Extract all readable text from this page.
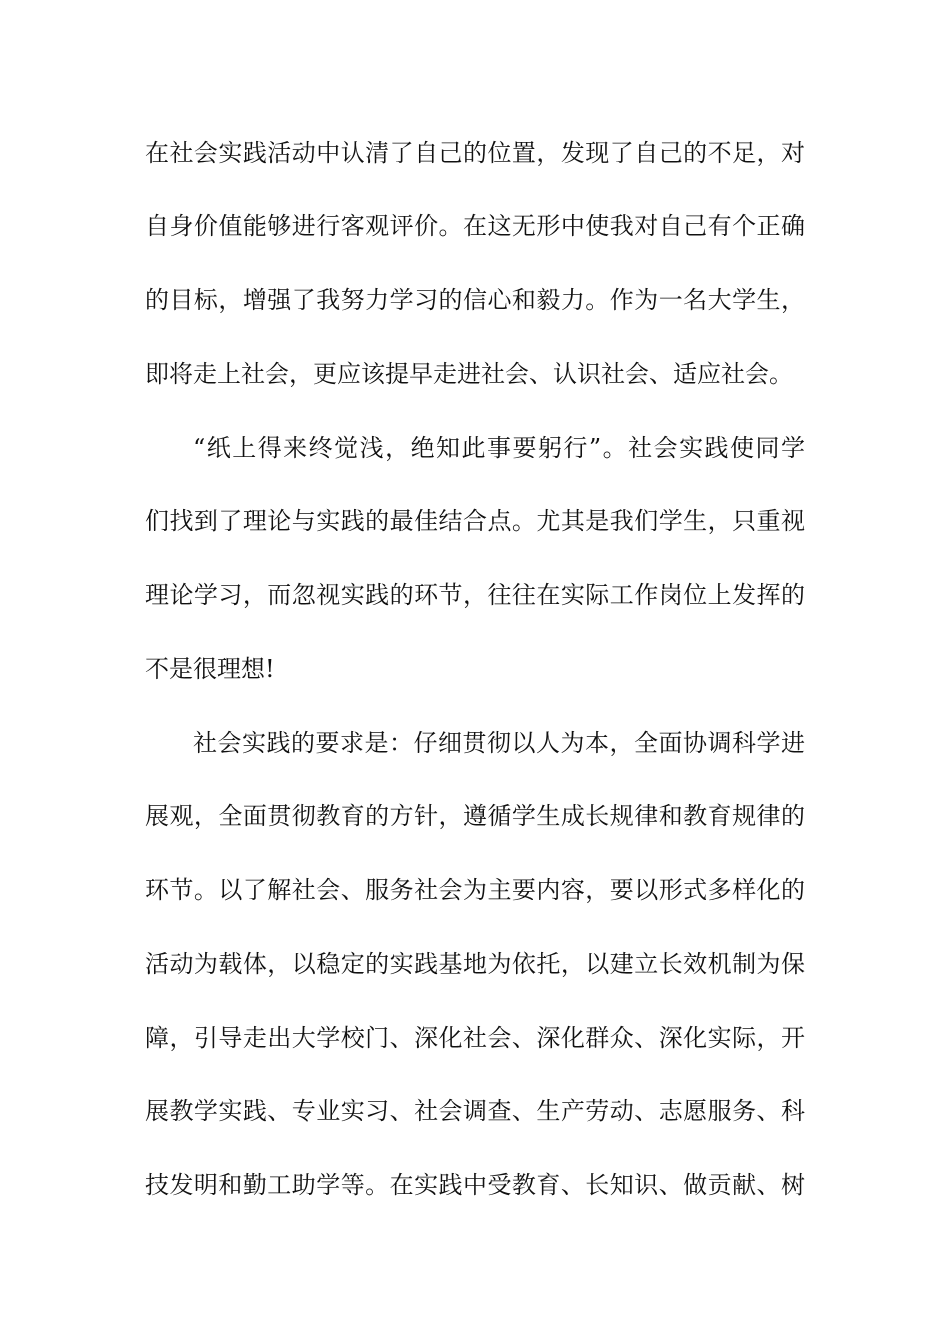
在社会实践活动中认清了自己的位置，发现了自己的不足，对
自身价值能够进行客观评价。在这无形中使我对自己有个正确
的目标，增强了我努力学习的信心和毅力。作为一名大学生，
即将走上社会，更应该提早走进社会、认识社会、适应社会。
“纸上得来终觉浅，绝知此事要躬行”。社会实践使同学
们找到了理论与实践的最佳结合点。尤其是我们学生，只重视
理论学习，而忽视实践的环节，往往在实际工作岗位上发挥的
不是很理想!
社会实践的要求是：仔细贯彻以人为本，全面协调科学进
展观，全面贯彻教育的方针，遵循学生成长规律和教育规律的
环节。以了解社会、服务社会为主要内容，要以形式多样化的
活动为载体，以稳定的实践基地为依托，以建立长效机制为保
障，引导走出大学校门、深化社会、深化群众、深化实际，开
展教学实践、专业实习、社会调查、生产劳动、志愿服务、科
技发明和勤工助学等。在实践中受教育、长知识、做贡献、树
